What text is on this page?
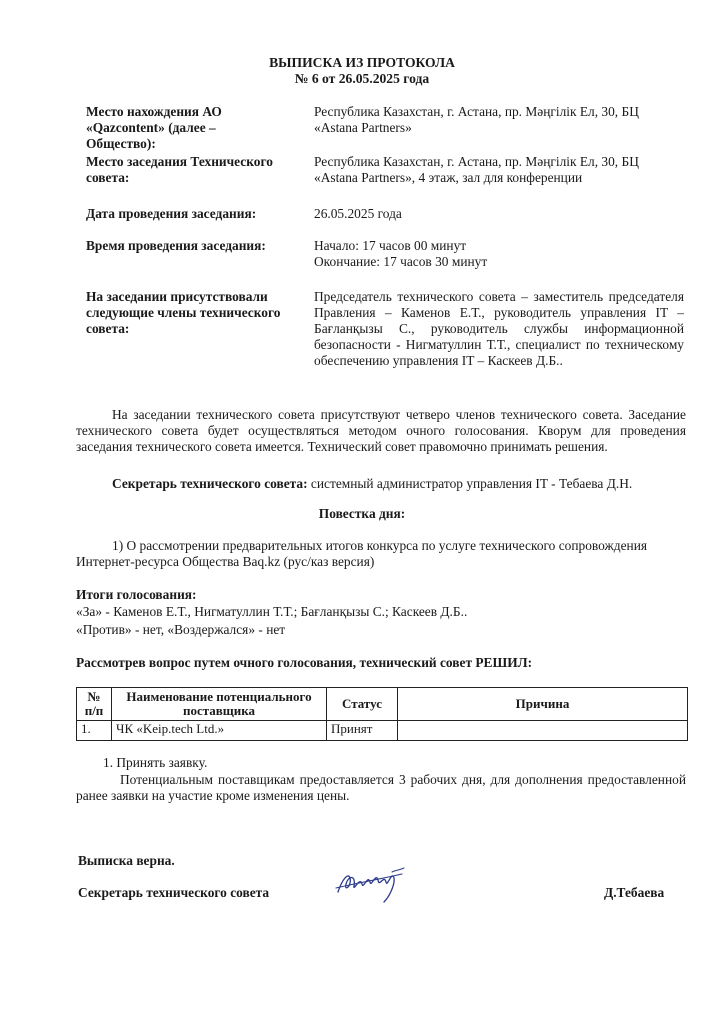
ВЫПИСКА ИЗ ПРОТОКОЛА
№ 6 от 26.05.2025 года
Место нахождения АО
«Qazcontent» (далее –
Общество):
Республика Казахстан, г. Астана, пр. Мәңгілік Ел, 30, БЦ «Astana Partners»
Место заседания Технического
совета:
Республика Казахстан, г. Астана, пр. Мәңгілік Ел, 30, БЦ «Astana Partners», 4 этаж, зал для конференции
Дата проведения заседания:	26.05.2025 года
Время проведения заседания:	Начало: 17 часов 00 минут
Окончание: 17 часов 30 минут
На заседании присутствовали
следующие члены технического
совета:
Председатель технического совета – заместитель председателя Правления – Каменов Е.Т., руководитель управления IT – Бағланқызы С., руководитель службы информационной безопасности - Нигматуллин Т.Т., специалист по техническому обеспечению управления IT – Каскеев Д.Б..
На заседании технического совета присутствуют четверо членов технического совета. Заседание технического совета будет осуществляться методом очного голосования. Кворум для проведения заседания технического совета имеется. Технический совет правомочно принимать решения.
Секретарь технического совета: системный администратор управления IT - Тебаева Д.Н.
Повестка дня:
1) О рассмотрении предварительных итогов конкурса по услуге технического сопровождения Интернет-ресурса Общества Baq.kz (рус/каз версия)
Итоги голосования:
«За» - Каменов Е.Т., Нигматуллин Т.Т.; Бағланқызы С.; Каскеев Д.Б..
«Против» - нет, «Воздержался» - нет
Рассмотрев вопрос путем очного голосования, технический совет РЕШИЛ:
№ п/п	Наименование потенциального поставщика	Статус	Причина
1.	ЧК «Keip.tech Ltd.»	Принят	
1. Принять заявку.
Потенциальным поставщикам предоставляется 3 рабочих дня, для дополнения предоставленной ранее заявки на участие кроме изменения цены.
Выписка верна.
Секретарь технического совета	Д.Тебаева
